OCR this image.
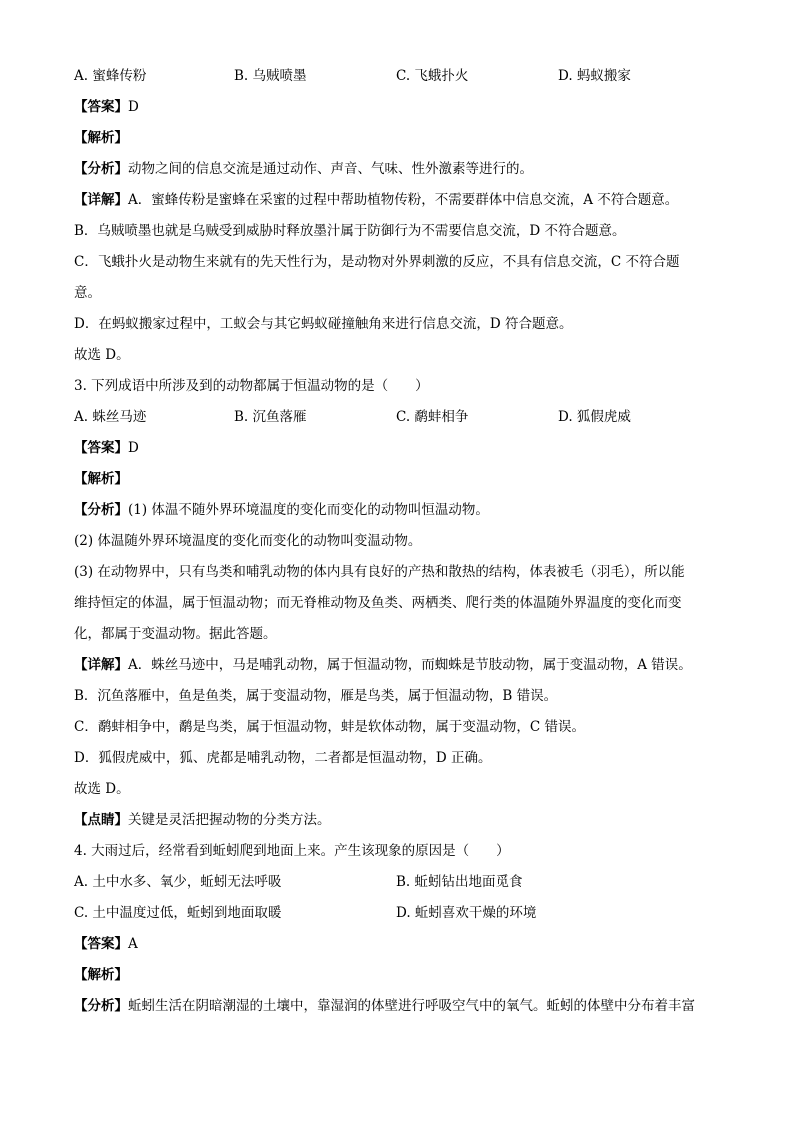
A. 蜜蜂传粉	B. 乌贼喷墨	C. 飞蛾扑火	D. 蚂蚁搬家
【答案】D
【解析】
【分析】动物之间的信息交流是通过动作、声音、气味、性外激素等进行的。
【详解】A．蜜蜂传粉是蜜蜂在采蜜的过程中帮助植物传粉，不需要群体中信息交流，A 不符合题意。
B．乌贼喷墨也就是乌贼受到威胁时释放墨汁属于防御行为不需要信息交流，D 不符合题意。
C．飞蛾扑火是动物生来就有的先天性行为，是动物对外界刺激的反应，不具有信息交流，C 不符合题
意。
D．在蚂蚁搬家过程中，工蚁会与其它蚂蚁碰撞触角来进行信息交流，D 符合题意。
故选 D。
3. 下列成语中所涉及到的动物都属于恒温动物的是（　　）
A. 蛛丝马迹	B. 沉鱼落雁	C. 鹬蚌相争	D. 狐假虎威
【答案】D
【解析】
【分析】(1) 体温不随外界环境温度的变化而变化的动物叫恒温动物。
(2) 体温随外界环境温度的变化而变化的动物叫变温动物。
(3) 在动物界中，只有鸟类和哺乳动物的体内具有良好的产热和散热的结构，体表被毛（羽毛），所以能
维持恒定的体温，属于恒温动物；而无脊椎动物及鱼类、两栖类、爬行类的体温随外界温度的变化而变
化，都属于变温动物。据此答题。
【详解】A．蛛丝马迹中，马是哺乳动物，属于恒温动物，而蜘蛛是节肢动物，属于变温动物，A 错误。
B．沉鱼落雁中，鱼是鱼类，属于变温动物，雁是鸟类，属于恒温动物，B 错误。
C．鹬蚌相争中，鹬是鸟类，属于恒温动物，蚌是软体动物，属于变温动物，C 错误。
D．狐假虎威中，狐、虎都是哺乳动物，二者都是恒温动物，D 正确。
故选 D。
【点睛】关键是灵活把握动物的分类方法。
4. 大雨过后，经常看到蚯蚓爬到地面上来。产生该现象的原因是（　　）
A. 土中水多、氧少，蚯蚓无法呼吸	B. 蚯蚓钻出地面觅食
C. 土中温度过低，蚯蚓到地面取暖	D. 蚯蚓喜欢干燥的环境
【答案】A
【解析】
【分析】蚯蚓生活在阴暗潮湿的土壤中，靠湿润的体壁进行呼吸空气中的氧气。蚯蚓的体壁中分布着丰富
